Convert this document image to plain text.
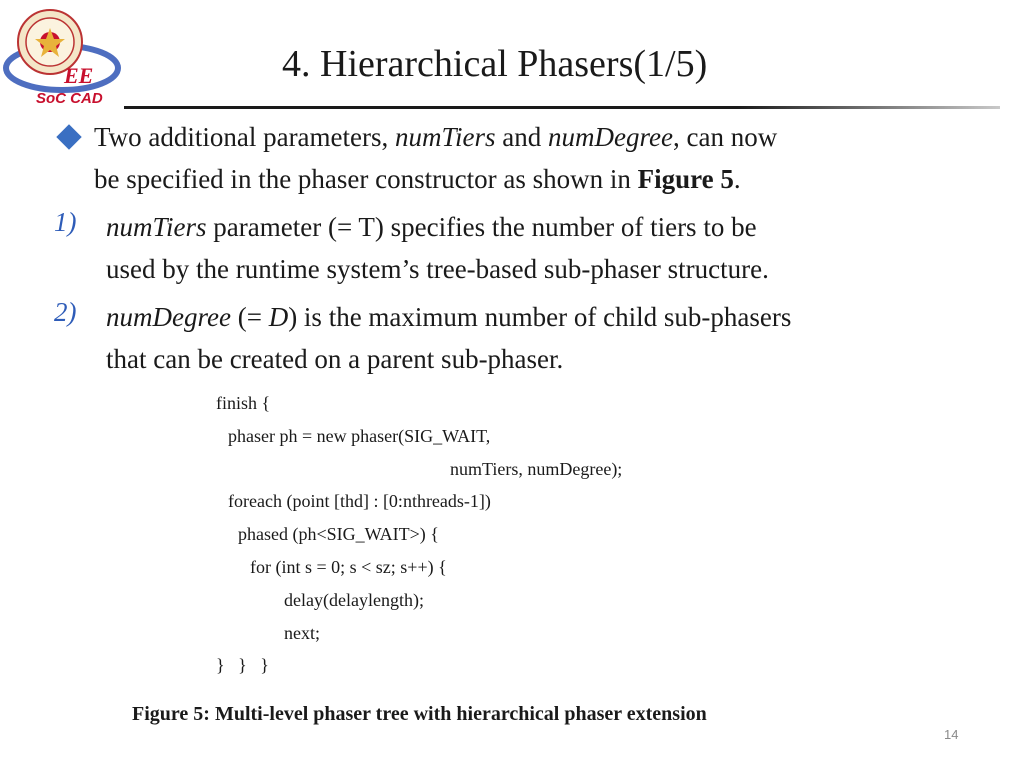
EE
SoC CAD
4. Hierarchical Phasers(1/5)
Two additional parameters, numTiers and numDegree, can now
be specified in the phaser constructor as shown in Figure 5.
1) numTiers parameter (= T) specifies the number of tiers to be
used by the runtime system’s tree-based sub-phaser structure.
2) numDegree (= D) is the maximum number of child sub-phasers
that can be created on a parent sub-phaser.
finish {
phaser ph = new phaser(SIG_WAIT,
numTiers, numDegree);
foreach (point [thd] : [0:nthreads-1])
phased (ph<SIG_WAIT>) {
for (int s = 0; s < sz; s++) {
delay(delaylength);
next;
}   }   }
Figure 5: Multi-level phaser tree with hierarchical phaser extension
14
